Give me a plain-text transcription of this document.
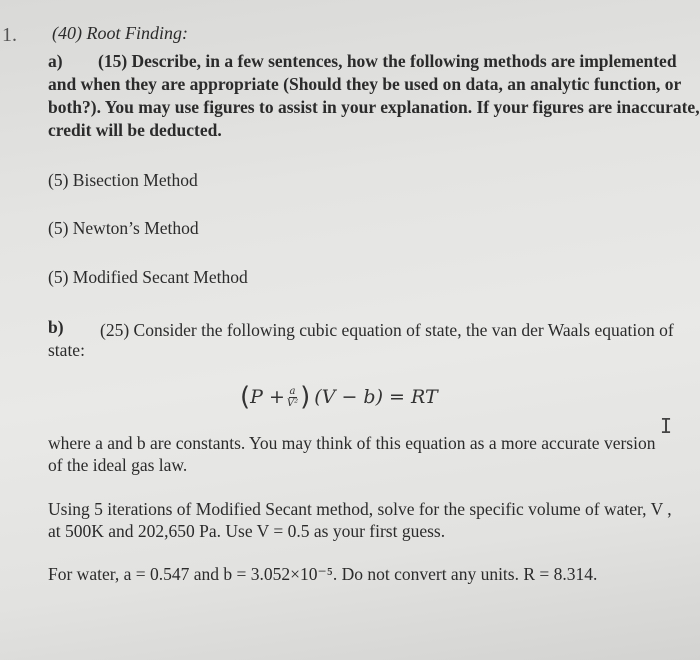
1. (40) Root Finding:
a) (15) Describe, in a few sentences, how the following methods are implemented
and when they are appropriate (Should they be used on data, an analytic function, or
both?). You may use figures to assist in your explanation. If your figures are inaccurate,
credit will be deducted.
(5) Bisection Method
(5) Newton’s Method
(5) Modified Secant Method
b) (25) Consider the following cubic equation of state, the van der Waals equation of
state:
( $P + \frac{a}{\text{V²}}$ ) (V − b) = RT
I
where a and b are constants. You may think of this equation as a more accurate version
of the ideal gas law.
Using 5 iterations of Modified Secant method, solve for the specific volume of water, V ,
at 500K and 202,650 Pa. Use V = 0.5 as your first guess.
For water, a = 0.547 and b = 3.052×10⁻⁵. Do not convert any units. R = 8.314.
